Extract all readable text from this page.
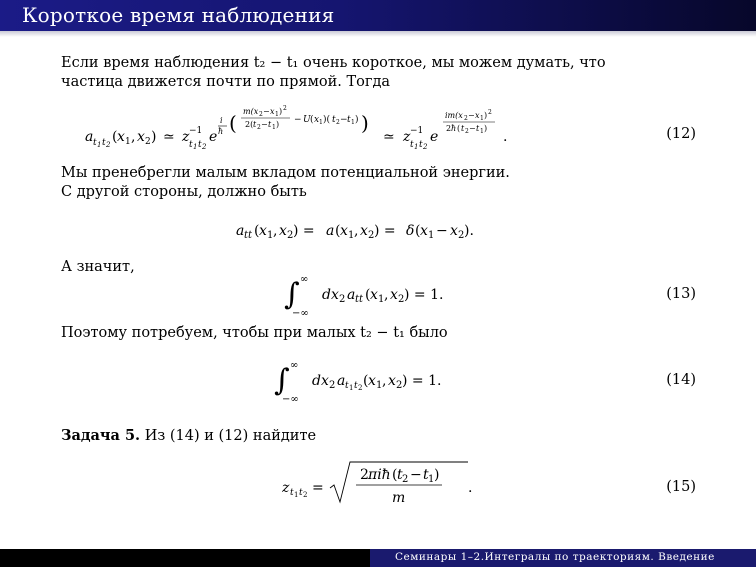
Короткое время наблюдения
Если время наблюдения t₂ − t₁ очень короткое, мы можем думать, что
частица движется почти по прямой. Тогда
a t 1 t 2 ( x 1 , x 2 ) ≃ z −1
t 1 t 2
e
i
ħ ( m(x 2 − x 1 ) 2
2( t 2 − t 1 ) − U ( x 1 )( t 2 − t 1 ) )
≃ z −1
t 1 t 2
e
im(x 2 − x 1 ) 2
2 ħ ( t 2 − t 1 )
.	(12)
Мы пренебрегли малым вкладом потенциальной энергии.
С другой стороны, должно быть
a tt ( x 1 , x 2 ) = a ( x 1 , x 2 ) = δ ( x 1 − x 2 ).
А значит,
∫ ∞
−∞
dx 2 a tt ( x 1 , x 2 ) = 1.	(13)
Поэтому потребуем, чтобы при малых t₂ − t₁ было
∫ ∞
−∞
dx 2 a t 1 t 2 ( x 1 , x 2 ) = 1.	(14)
Задача 5. Из (14) и (12) найдите
z t 1 t 2 =
2 πiħ ( t 2 − t 1 )
m
.	(15)
Семинары 1–2.Интегралы по траекториям. Введение
